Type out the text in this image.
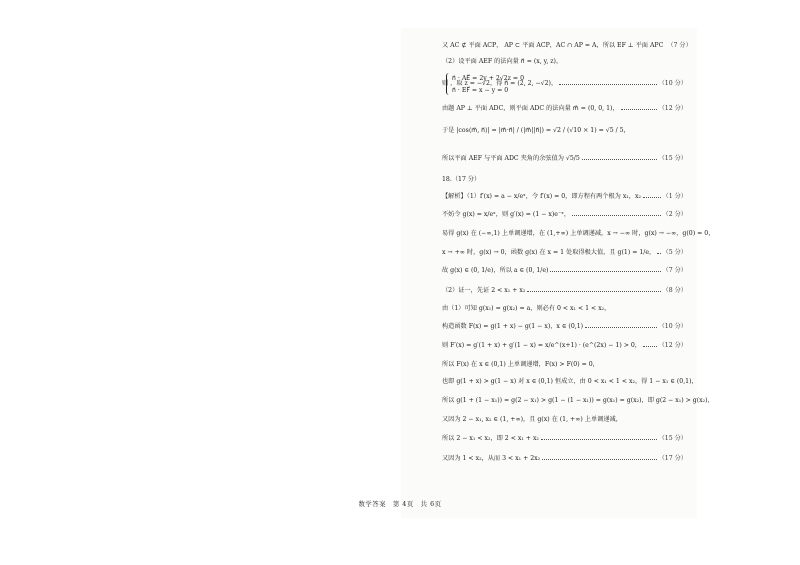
又 AC ⊄ 平面 ACP， AP ⊂ 平面 ACP，AC ∩ AP = A，所以 EF ⊥ 平面 APC （7 分）
（2）设平面 AEF 的法向量 n⃗ = (x, y, z)，
n⃗ · AE⃗ = 2y + 2√2z = 0
n⃗ · EF⃗ = x − y = 0
则 ，取 z = −√2，得 n⃗ = (2, 2, −√2)，	（10 分）
由题 AP ⊥ 平面 ADC，则平面 ADC 的法向量 m⃗ = (0, 0, 1)，	（12 分）
于是 |cos⟨m⃗, n⃗⟩| = |m⃗·n⃗| / (|m⃗||n⃗|) = √2 / (√10 × 1) = √5 / 5，
所以平面 AEF 与平面 ADC 夹角的余弦值为 √5/5	（15 分）
18.（17 分）
【解析】（1）f′(x) = a − x/eˣ，令 f′(x) = 0，即方程有两个根为 x₁，x₂	（1 分）
不妨令 g(x) = x/eˣ，则 g′(x) = (1 − x)e⁻ˣ，	（2 分）
易得 g(x) 在 (−∞,1) 上单调递增，在 (1,+∞) 上单调递减，x → −∞ 时，g(x) → −∞，g(0) = 0，
x → +∞ 时，g(x) → 0，函数 g(x) 在 x = 1 处取得极大值，且 g(1) = 1/e， （5 分）
故 g(x) ∈ (0, 1/e)，所以 a ∈ (0, 1/e)	（7 分）
（2）证一，先证 2 < x₁ + x₂	（8 分）
由（1）可知 g(x₁) = g(x₂) = a，则必有 0 < x₁ < 1 < x₂，
构造函数 F(x) = g(1 + x) − g(1 − x)，x ∈ (0,1)	（10 分）
则 F′(x) = g′(1 + x) + g′(1 − x) = x/e^(x+1) · (e^(2x) − 1) > 0，	（12 分）
所以 F(x) 在 x ∈ (0,1) 上单调递增，F(x) > F(0) = 0，
也即 g(1 + x) > g(1 − x) 对 x ∈ (0,1) 恒成立，由 0 < x₁ < 1 < x₂，得 1 − x₁ ∈ (0,1)，
所以 g(1 + (1 − x₁)) = g(2 − x₁) > g(1 − (1 − x₁)) = g(x₁) = g(x₂)，即 g(2 − x₁) > g(x₂)，
又因为 2 − x₁, x₂ ∈ (1, +∞)，且 g(x) 在 (1, +∞) 上单调递减，
所以 2 − x₁ < x₂，即 2 < x₁ + x₂	（15 分）
又因为 1 < x₂，从而 3 < x₁ + 2x₂	（17 分）
数学答案　第 4页　共 6页
